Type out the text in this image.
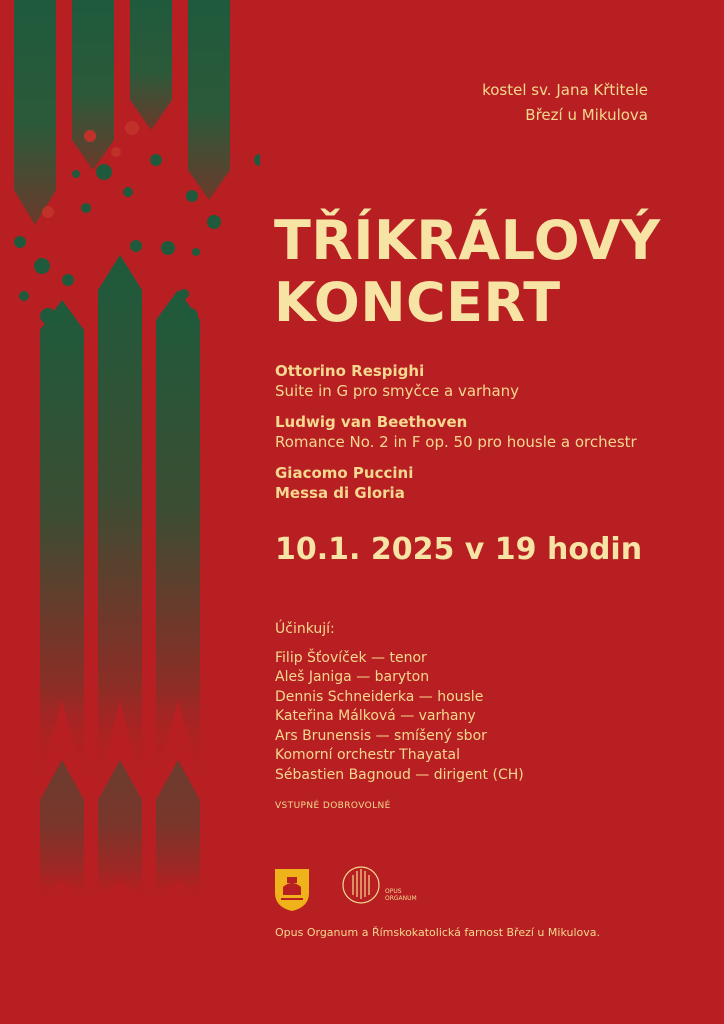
kostel sv. Jana Křtitele
Březí u Mikulova
TŘÍKRÁLOVÝ
KONCERT
Ottorino Respighi
Suite in G pro smyčce a varhany
Ludwig van Beethoven
Romance No. 2 in F op. 50 pro housle a orchestr
Giacomo Puccini
Messa di Gloria
10.1. 2025 v 19 hodin
Účinkují:
Filip Šťovíček — tenor
Aleš Janiga — baryton
Dennis Schneiderka — housle
Kateřina Málková — varhany
Ars Brunensis — smíšený sbor
Komorní orchestr Thayatal
Sébastien Bagnoud — dirigent (CH)
VSTUPNÉ DOBROVOLNÉ
OPUS
ORGANUM
Opus Organum a Římskokatolická farnost Březí u Mikulova.
